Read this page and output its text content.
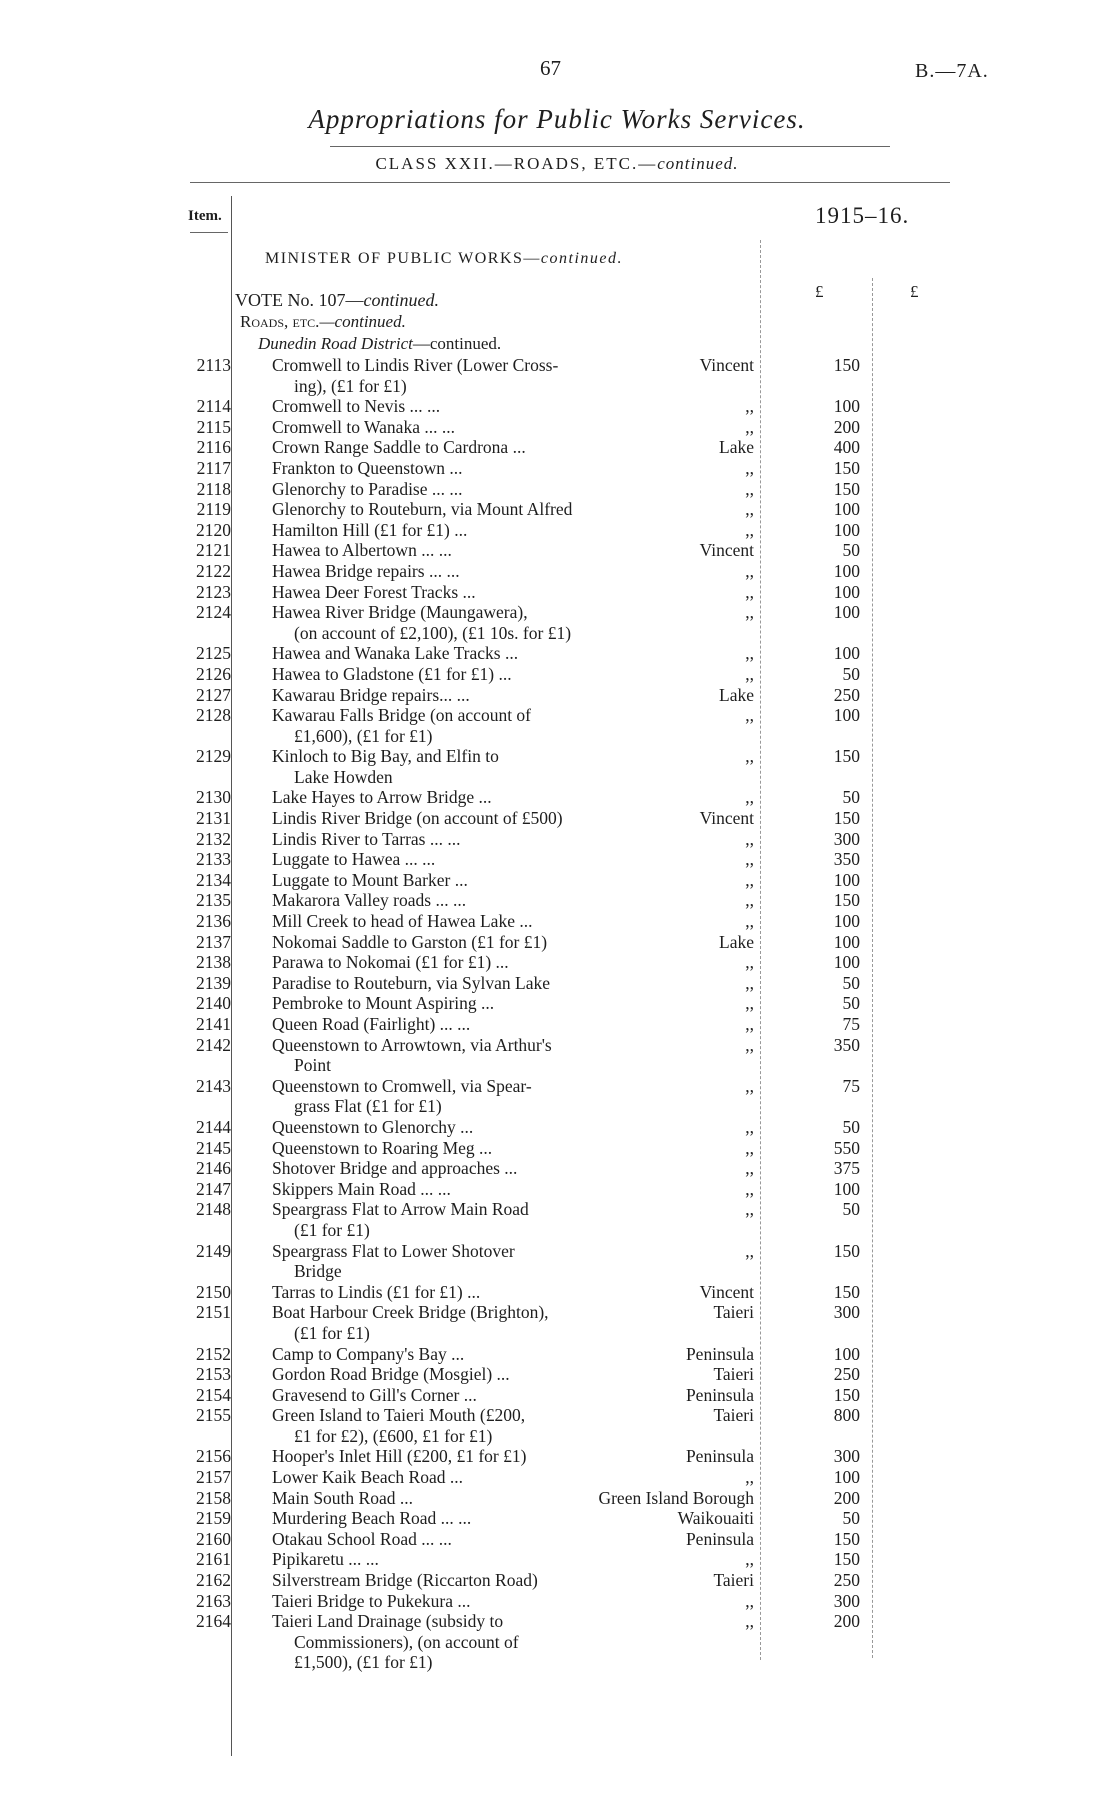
67	B.—7A.
Appropriations for Public Works Services.
CLASS XXII.—ROADS, ETC.—continued.
Item.	1915–16.
MINISTER OF PUBLIC WORKS—continued.
£	£
VOTE No. 107—continued.
Roads, etc.—continued.
Dunedin Road District—continued.
2113 Cromwell to Lindis River (Lower Cross-
ing), (£1 for £1)
Vincent	150
2114 Cromwell to Nevis ... ...	,,	100
2115 Cromwell to Wanaka ... ...	,,	200
2116 Crown Range Saddle to Cardrona ...	Lake	400
2117 Frankton to Queenstown ...	,,	150
2118 Glenorchy to Paradise ... ...	,,	150
2119 Glenorchy to Routeburn, via Mount Alfred	,,	100
2120 Hamilton Hill (£1 for £1) ...	,,	100
2121 Hawea to Albertown ... ...	Vincent	50
2122 Hawea Bridge repairs ... ...	,,	100
2123 Hawea Deer Forest Tracks ...	,,	100
2124 Hawea River Bridge (Maungawera),
(on account of £2,100), (£1 10s. for £1)
,,	100
2125 Hawea and Wanaka Lake Tracks ...	,,	100
2126 Hawea to Gladstone (£1 for £1) ...	,,	50
2127 Kawarau Bridge repairs... ...	Lake	250
2128 Kawarau Falls Bridge (on account of
£1,600), (£1 for £1)
,,	100
2129 Kinloch to Big Bay, and Elfin to
Lake Howden
,,	150
2130 Lake Hayes to Arrow Bridge ...	,,	50
2131 Lindis River Bridge (on account of £500)	Vincent	150
2132 Lindis River to Tarras ... ...	,,	300
2133 Luggate to Hawea ... ...	,,	350
2134 Luggate to Mount Barker ...	,,	100
2135 Makarora Valley roads ... ...	,,	150
2136 Mill Creek to head of Hawea Lake ...	,,	100
2137 Nokomai Saddle to Garston (£1 for £1)	Lake	100
2138 Parawa to Nokomai (£1 for £1) ...	,,	100
2139 Paradise to Routeburn, via Sylvan Lake	,,	50
2140 Pembroke to Mount Aspiring ...	,,	50
2141 Queen Road (Fairlight) ... ...	,,	75
2142 Queenstown to Arrowtown, via Arthur's
Point
,,	350
2143 Queenstown to Cromwell, via Spear-
grass Flat (£1 for £1)
,,	75
2144 Queenstown to Glenorchy ...	,,	50
2145 Queenstown to Roaring Meg ...	,,	550
2146 Shotover Bridge and approaches ...	,,	375
2147 Skippers Main Road ... ...	,,	100
2148 Speargrass Flat to Arrow Main Road
(£1 for £1)
,,	50
2149 Speargrass Flat to Lower Shotover
Bridge
,,	150
2150 Tarras to Lindis (£1 for £1) ...	Vincent	150
2151 Boat Harbour Creek Bridge (Brighton),
(£1 for £1)
Taieri	300
2152 Camp to Company's Bay ...	Peninsula	100
2153 Gordon Road Bridge (Mosgiel) ...	Taieri	250
2154 Gravesend to Gill's Corner ...	Peninsula	150
2155 Green Island to Taieri Mouth (£200,
£1 for £2), (£600, £1 for £1)
Taieri	800
2156 Hooper's Inlet Hill (£200, £1 for £1)	Peninsula	300
2157 Lower Kaik Beach Road ...	,,	100
2158 Main South Road ...	Green Island Borough	200
2159 Murdering Beach Road ... ...	Waikouaiti	50
2160 Otakau School Road ... ...	Peninsula	150
2161 Pipikaretu ... ...	,,	150
2162 Silverstream Bridge (Riccarton Road)	Taieri	250
2163 Taieri Bridge to Pukekura ...	,,	300
2164 Taieri Land Drainage (subsidy to
Commissioners), (on account of
£1,500), (£1 for £1)
,,	200
